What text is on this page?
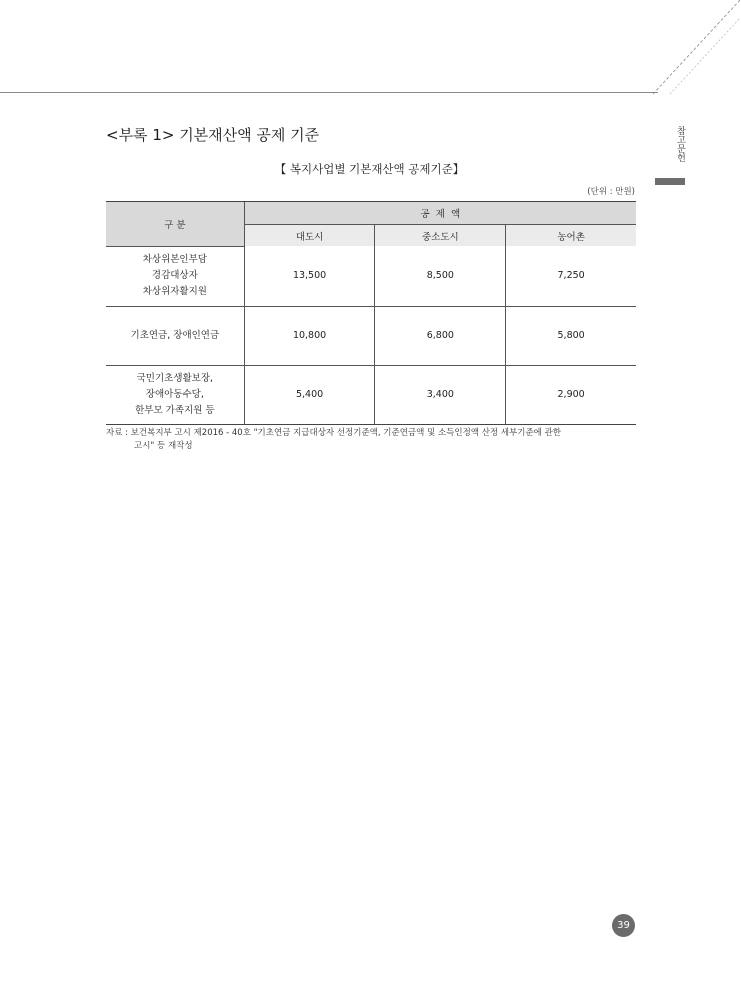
참고문헌
<부록 1> 기본재산액 공제 기준
【 복지사업별 기본재산액 공제기준】
(단위 : 만원)
구 분	공  제  액		
	대도시	중소도시	농어촌

차상위본인부담
경감대상자
차상위자활지원	13,500	8,500	7,250

기초연금, 장애인연금	10,800	6,800	5,800

국민기초생활보장,
장애아동수당,
한부모 가족지원 등	5,400	3,400	2,900
자료 : 보건복지부 고시 제2016 - 40호 "기초연금 지급대상자 선정기준액, 기준연금액 및 소득인정액 산정 세부기준에 관한
고시" 등 재작성
39
